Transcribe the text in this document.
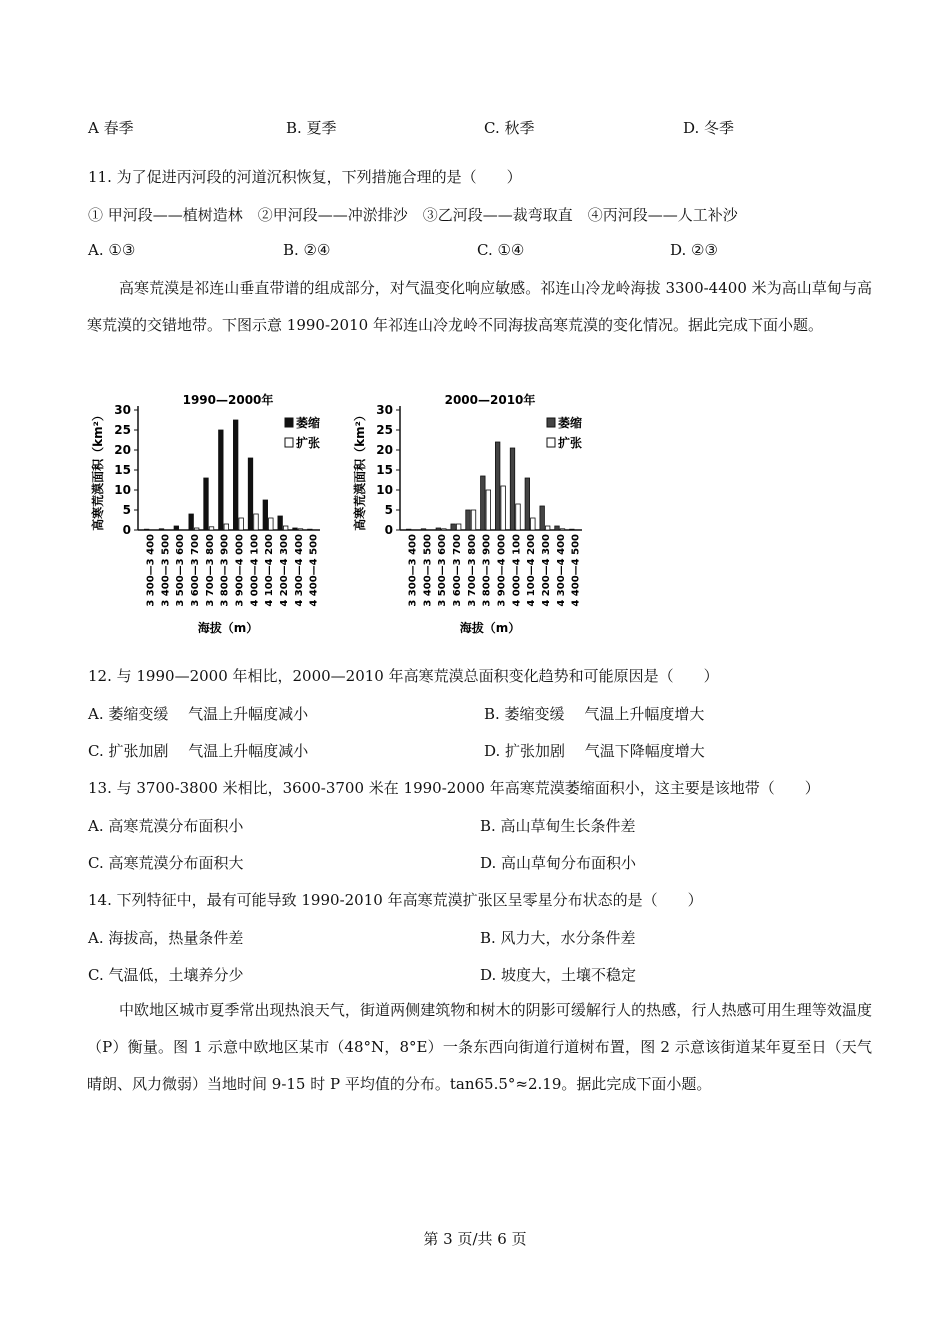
A 春季	B. 夏季	C. 秋季	D. 冬季
11. 为了促进丙河段的河道沉积恢复，下列措施合理的是（　　）
① 甲河段——植树造林　②甲河段——冲淤排沙　③乙河段——裁弯取直　④丙河段——人工补沙
A. ①③	B. ②④	C. ①④	D. ②③
高寒荒漠是祁连山垂直带谱的组成部分，对气温变化响应敏感。祁连山冷龙岭海拔 3300-4400 米为高山草甸与高寒荒漠的交错地带。下图示意 1990-2010 年祁连山冷龙岭不同海拔高寒荒漠的变化情况。据此完成下面小题。
1990—2000年
高寒荒漠面积（km²） 0
5
10
15
20
25
30
3 300—3 400 3 400—3 500 3 500—3 600 3 600—3 700 3 700—3 800 3 800—3 900 3 900—4 000 4 000—4 100 4 100—4 200 4 200—4 300 4 300—4 400 4 400—4 500
海拔（m）
萎缩
扩张
2000—2010年
高寒荒漠面积（km²） 0
5
10
15
20
25
30
3 300—3 400 3 400—3 500 3 500—3 600 3 600—3 700 3 700—3 800 3 800—3 900 3 900—4 000 4 000—4 100 4 100—4 200 4 200—4 300 4 300—4 400 4 400—4 500
海拔（m）
萎缩
扩张
12. 与 1990—2000 年相比，2000—2010 年高寒荒漠总面积变化趋势和可能原因是（　　）
A. 萎缩变缓　 气温上升幅度减小	B. 萎缩变缓　 气温上升幅度增大
C. 扩张加剧　 气温上升幅度减小	D. 扩张加剧　 气温下降幅度增大
13. 与 3700-3800 米相比，3600-3700 米在 1990-2000 年高寒荒漠萎缩面积小，这主要是该地带（　　）
A. 高寒荒漠分布面积小	B. 高山草甸生长条件差
C. 高寒荒漠分布面积大	D. 高山草甸分布面积小
14. 下列特征中，最有可能导致 1990-2010 年高寒荒漠扩张区呈零星分布状态的是（　　）
A. 海拔高，热量条件差	B. 风力大，水分条件差
C. 气温低，土壤养分少	D. 坡度大，土壤不稳定
中欧地区城市夏季常出现热浪天气，街道两侧建筑物和树木的阴影可缓解行人的热感，行人热感可用生理等效温度（P）衡量。图 1 示意中欧地区某市（48°N，8°E）一条东西向街道行道树布置，图 2 示意该街道某年夏至日（天气晴朗、风力微弱）当地时间 9-15 时 P 平均值的分布。tan65.5°≈2.19。据此完成下面小题。
第 3 页/共 6 页
